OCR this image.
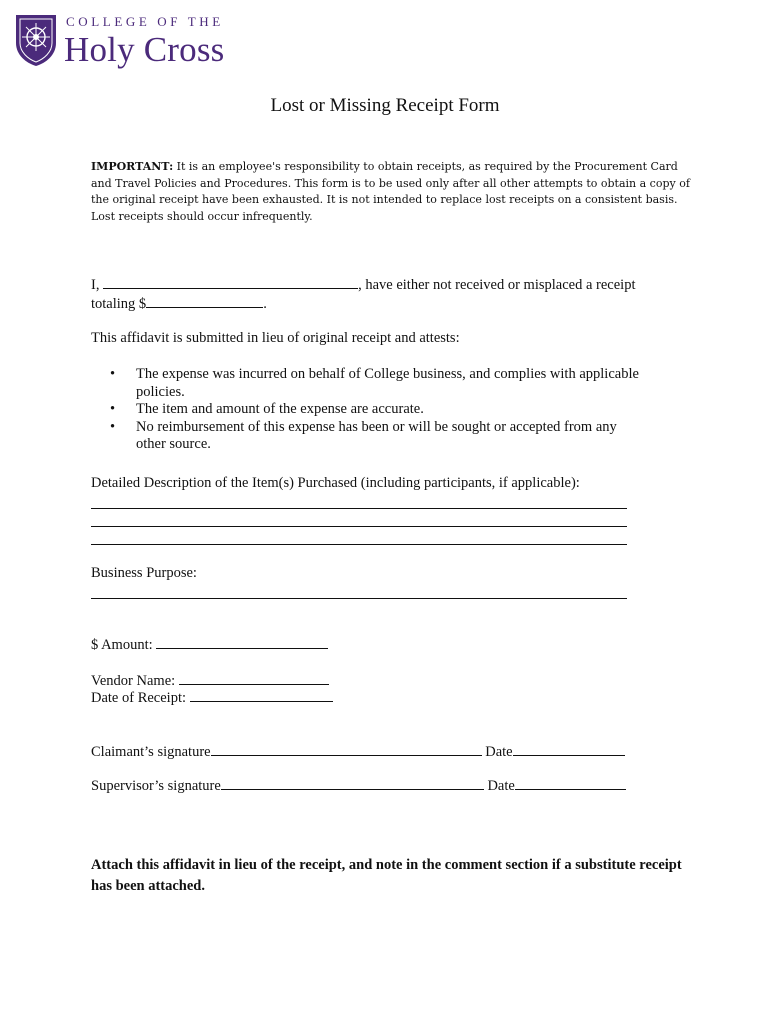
COLLEGE OF THE
Holy Cross
Lost or Missing Receipt Form
IMPORTANT: It is an employee's responsibility to obtain receipts, as required by the Procurement Card and Travel Policies and Procedures. This form is to be used only after all other attempts to obtain a copy of the original receipt have been exhausted. It is not intended to replace lost receipts on a consistent basis. Lost receipts should occur infrequently.
I,	, have either not received or misplaced a receipt
totaling $	.
This affidavit is submitted in lieu of original receipt and attests:
• The expense was incurred on behalf of College business, and complies with applicable
policies.
• The item and amount of the expense are accurate.
• No reimbursement of this expense has been or will be sought or accepted from any
other source.
Detailed Description of the Item(s) Purchased (including participants, if applicable):
Business Purpose:
$ Amount:
Vendor Name:
Date of Receipt:
Claimant’s signature	Date
Supervisor’s signature	Date
Attach this affidavit in lieu of the receipt, and note in the comment section if a substitute receipt has been attached.
